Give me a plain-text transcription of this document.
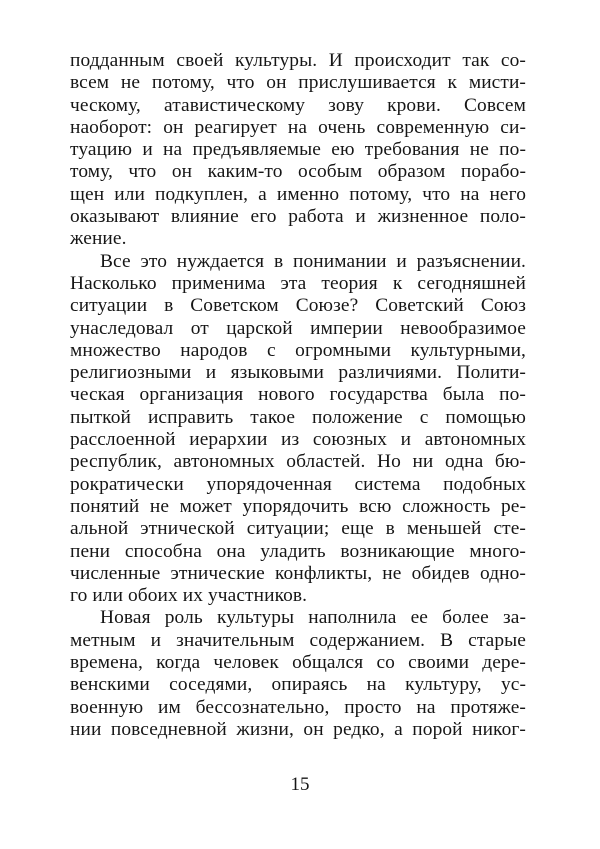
подданным своей культуры. И происходит так со-
всем не потому, что он прислушивается к мисти-
ческому, атавистическому зову крови. Совсем
наоборот: он реагирует на очень современную си-
туацию и на предъявляемые ею требования не по-
тому, что он каким-то особым образом порабо-
щен или подкуплен, а именно потому, что на него
оказывают влияние его работа и жизненное поло-
жение.
Все это нуждается в понимании и разъяснении.
Насколько применима эта теория к сегодняшней
ситуации в Советском Союзе? Советский Союз
унаследовал от царской империи невообразимое
множество народов с огромными культурными,
религиозными и языковыми различиями. Полити-
ческая организация нового государства была по-
пыткой исправить такое положение с помощью
расслоенной иерархии из союзных и автономных
республик, автономных областей. Но ни одна бю-
рократически упорядоченная система подобных
понятий не может упорядочить всю сложность ре-
альной этнической ситуации; еще в меньшей сте-
пени способна она уладить возникающие много-
численные этнические конфликты, не обидев одно-
го или обоих их участников.
Новая роль культуры наполнила ее более за-
метным и значительным содержанием. В старые
времена, когда человек общался со своими дере-
венскими соседями, опираясь на культуру, ус-
военную им бессознательно, просто на протяже-
нии повседневной жизни, он редко, а порой никог-
15
